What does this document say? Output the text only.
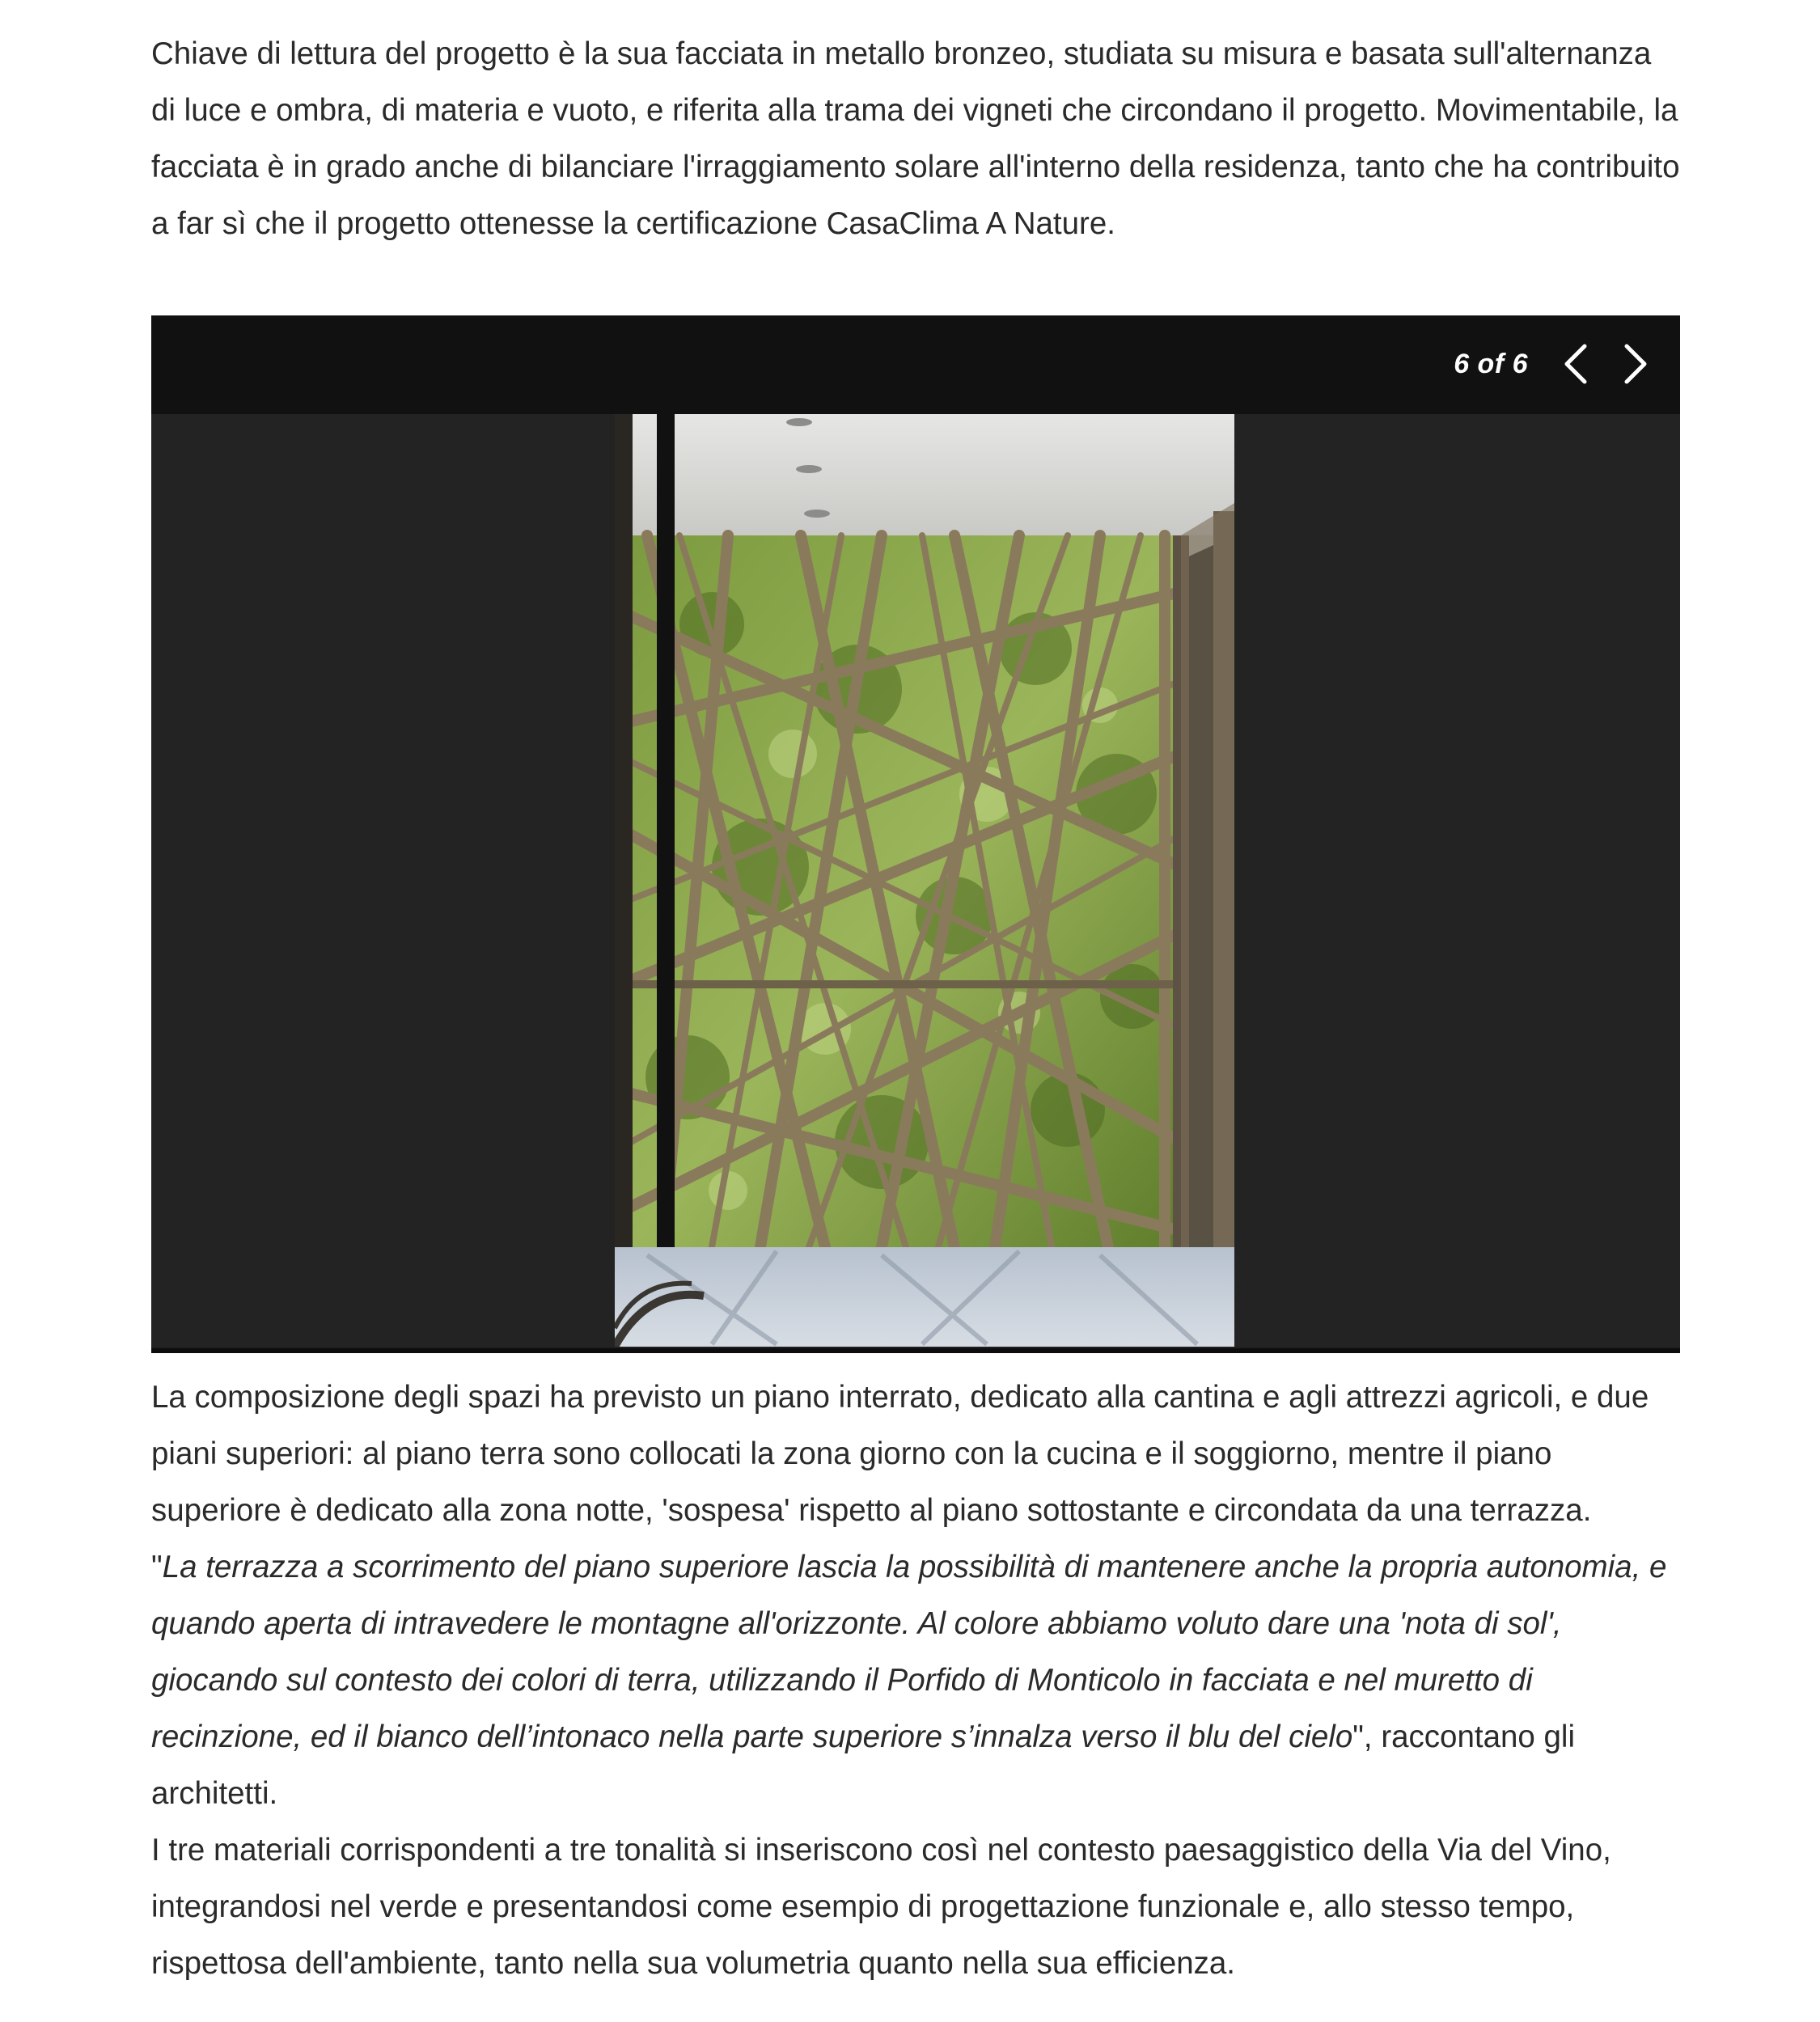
Chiave di lettura del progetto è la sua facciata in metallo bronzeo, studiata su misura e basata sull'alternanza di luce e ombra, di materia e vuoto, e riferita alla trama dei vigneti che circondano il progetto. Movimentabile, la facciata è in grado anche di bilanciare l'irraggiamento solare all'interno della residenza, tanto che ha contribuito a far sì che il progetto ottenesse la certificazione CasaClima A Nature.

6 of 6

La composizione degli spazi ha previsto un piano interrato, dedicato alla cantina e agli attrezzi agricoli, e due piani superiori: al piano terra sono collocati la zona giorno con la cucina e il soggiorno, mentre il piano superiore è dedicato alla zona notte, 'sospesa' rispetto al piano sottostante e circondata da una terrazza.

"La terrazza a scorrimento del piano superiore lascia la possibilità di mantenere anche la propria autonomia, e quando aperta di intravedere le montagne all'orizzonte. Al colore abbiamo voluto dare una 'nota di sol', giocando sul contesto dei colori di terra, utilizzando il Porfido di Monticolo in facciata e nel muretto di recinzione, ed il bianco dell’intonaco nella parte superiore s’innalza verso il blu del cielo", raccontano gli architetti.

I tre materiali corrispondenti a tre tonalità si inseriscono così nel contesto paesaggistico della Via del Vino, integrandosi nel verde e presentandosi come esempio di progettazione funzionale e, allo stesso tempo, rispettosa dell'ambiente, tanto nella sua volumetria quanto nella sua efficienza.
